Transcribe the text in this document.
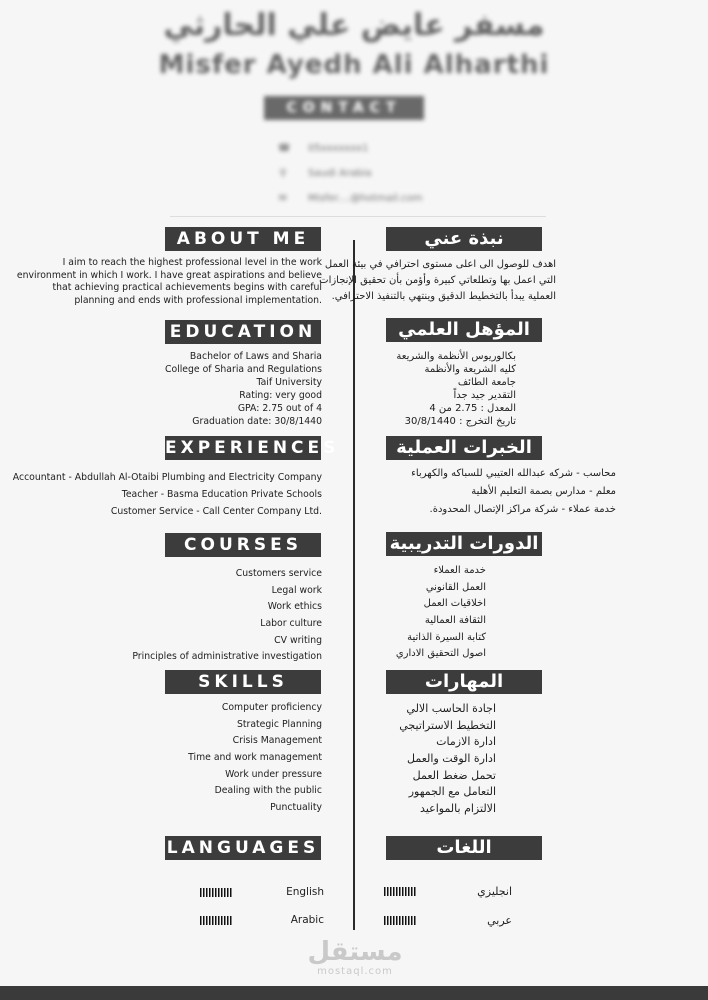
مسفر عايض علي الحارثي
Misfer Ayedh Ali Alharthi
CONTACT
☎ 05xxxxxxx1
⚲ Saudi Arabia
✉ Misfer....@hotmail.com
ABOUT ME	نبذة عني
I aim to reach the highest professional level in the work
environment in which I work. I have great aspirations and believe
that achieving practical achievements begins with careful
planning and ends with professional implementation.
اهدف للوصول الى اعلى مستوى احترافي في بيئة العمل
التي اعمل بها وتطلعاتي كبيرة وأؤمن بأن تحقيق الإنجازات
العملية يبدأ بالتخطيط الدقيق وينتهي بالتنفيذ الاحترافي.
EDUCATION	المؤهل العلمي
Bachelor of Laws and Sharia
College of Sharia and Regulations
Taif University
Rating: very good
GPA: 2.75 out of 4
Graduation date: 30/8/1440
بكالوريوس الأنظمة والشريعة
كليه الشريعة والأنظمة
جامعة الطائف
التقدير جيد جداً
المعدل : 2.75 من 4
تاريخ التخرج : 30/8/1440
EXPERIENCES	الخبرات العملية
Accountant - Abdullah Al-Otaibi Plumbing and Electricity Company
Teacher - Basma Education Private Schools
Customer Service - Call Center Company Ltd.
محاسب - شركه عبدالله العتيبي للسباكه والكهرباء
معلم - مدارس بصمة التعليم الأهلية
خدمة عملاء - شركة مراكز الإتصال المحدودة.
COURSES	الدورات التدريبية
Customers service
Legal work
Work ethics
Labor culture
CV writing
Principles of administrative investigation
خدمة العملاء
العمل القانوني
اخلاقيات العمل
الثقافة العمالية
كتابة السيرة الذاتية
اصول التحقيق الاداري
SKILLS	المهارات
Computer proficiency
Strategic Planning
Crisis Management
Time and work management
Work under pressure
Dealing with the public
Punctuality
اجادة الحاسب الالي
التخطيط الاستراتيجي
ادارة الازمات
ادارة الوقت والعمل
تحمل ضغط العمل
التعامل مع الجمهور
الالتزام بالمواعيد
LANGUAGES	اللغات
English
Arabic
انجليزي
عربي
مستقل
mostaql.com
